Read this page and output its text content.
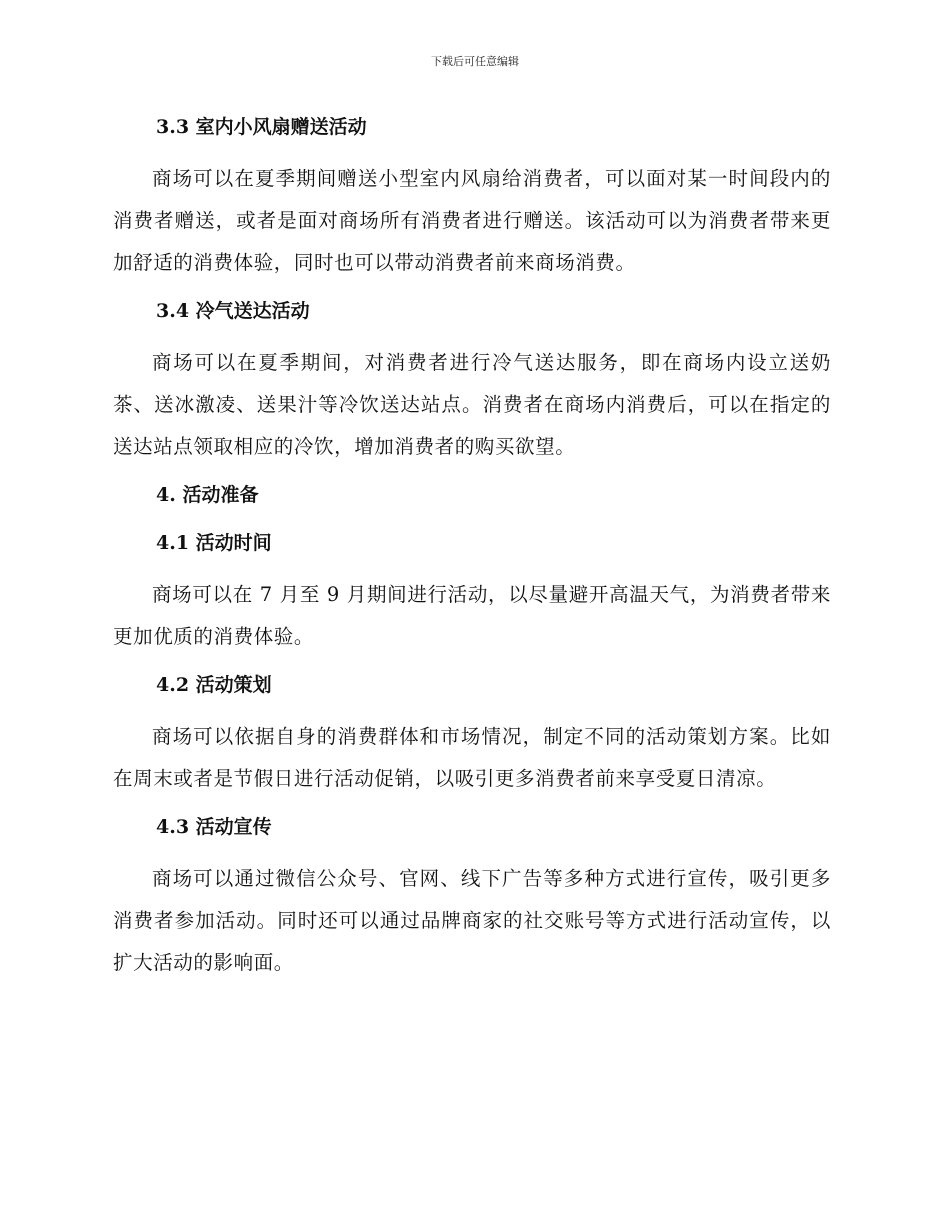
下载后可任意编辑
3.3 室内小风扇赠送活动

商场可以在夏季期间赠送小型室内风扇给消费者，可以面对某一时间段内的消费者赠送，或者是面对商场所有消费者进行赠送。该活动可以为消费者带来更加舒适的消费体验，同时也可以带动消费者前来商场消费。

3.4 冷气送达活动

商场可以在夏季期间，对消费者进行冷气送达服务，即在商场内设立送奶茶、送冰激凌、送果汁等冷饮送达站点。消费者在商场内消费后，可以在指定的送达站点领取相应的冷饮，增加消费者的购买欲望。

4. 活动准备
4.1 活动时间

商场可以在 7 月至 9 月期间进行活动，以尽量避开高温天气，为消费者带来更加优质的消费体验。

4.2 活动策划

商场可以依据自身的消费群体和市场情况，制定不同的活动策划方案。比如在周末或者是节假日进行活动促销，以吸引更多消费者前来享受夏日清凉。

4.3 活动宣传

商场可以通过微信公众号、官网、线下广告等多种方式进行宣传，吸引更多消费者参加活动。同时还可以通过品牌商家的社交账号等方式进行活动宣传，以扩大活动的影响面。
